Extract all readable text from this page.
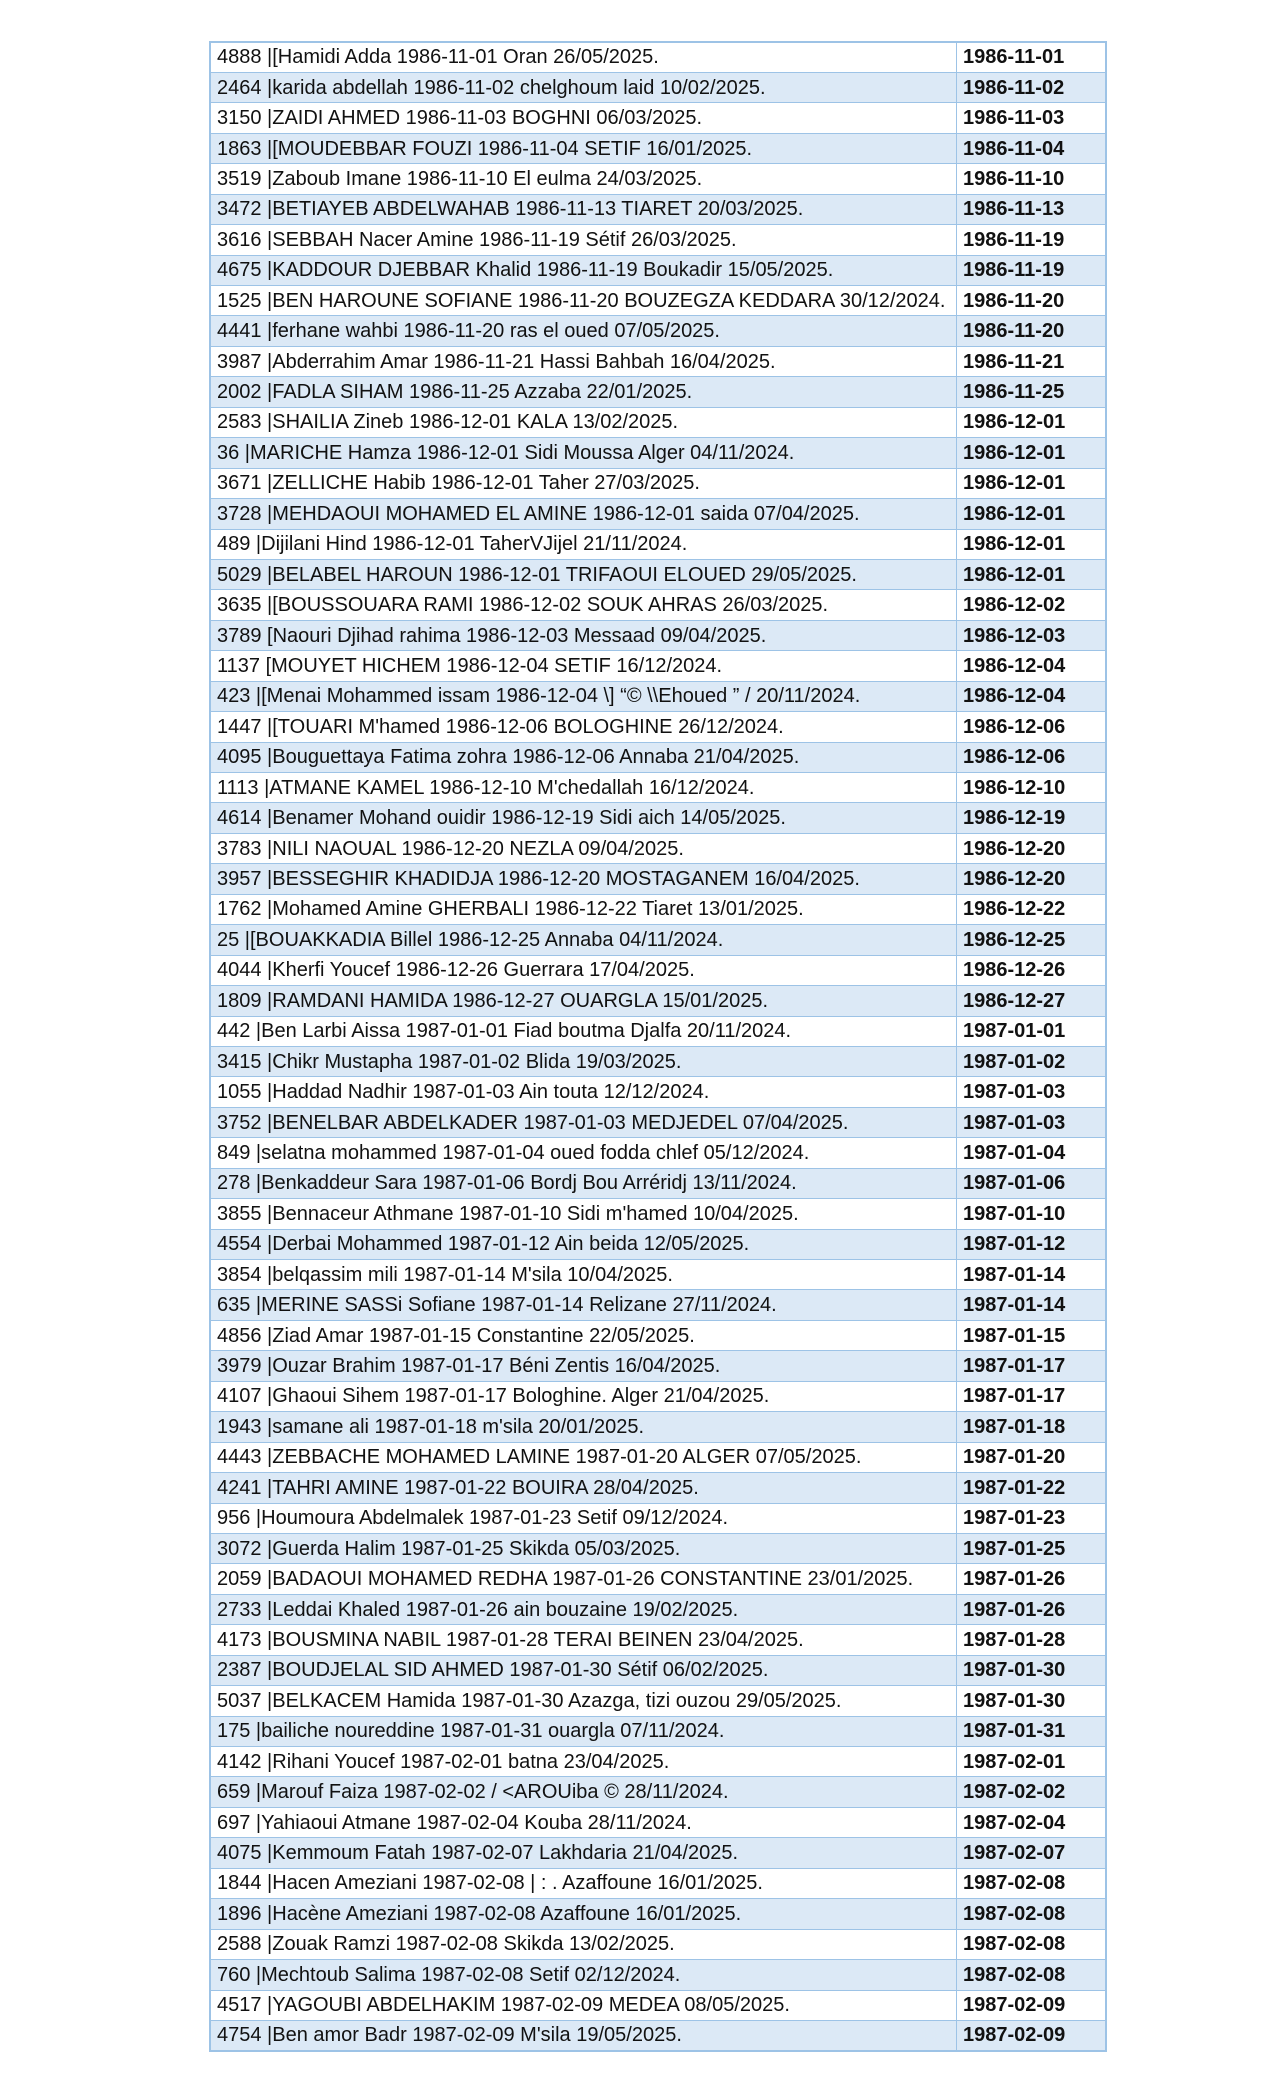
4888 |[Hamidi Adda 1986-11-01 Oran 26/05/2025.	1986-11-01
2464 |karida abdellah 1986-11-02 chelghoum laid 10/02/2025.	1986-11-02
3150 |ZAIDI AHMED 1986-11-03 BOGHNI 06/03/2025.	1986-11-03
1863 |[MOUDEBBAR FOUZI 1986-11-04 SETIF 16/01/2025.	1986-11-04
3519 |Zaboub Imane 1986-11-10 El eulma 24/03/2025.	1986-11-10
3472 |BETIAYEB ABDELWAHAB 1986-11-13 TIARET 20/03/2025.	1986-11-13
3616 |SEBBAH Nacer Amine 1986-11-19 Sétif 26/03/2025.	1986-11-19
4675 |KADDOUR DJEBBAR Khalid 1986-11-19 Boukadir 15/05/2025.	1986-11-19
1525 |BEN HAROUNE SOFIANE 1986-11-20 BOUZEGZA KEDDARA 30/12/2024.	1986-11-20
4441 |ferhane wahbi 1986-11-20 ras el oued 07/05/2025.	1986-11-20
3987 |Abderrahim Amar 1986-11-21 Hassi Bahbah 16/04/2025.	1986-11-21
2002 |FADLA SIHAM 1986-11-25 Azzaba 22/01/2025.	1986-11-25
2583 |SHAILIA Zineb 1986-12-01 KALA 13/02/2025.	1986-12-01
36 |MARICHE Hamza 1986-12-01 Sidi Moussa Alger 04/11/2024.	1986-12-01
3671 |ZELLICHE Habib 1986-12-01 Taher 27/03/2025.	1986-12-01
3728 |MEHDAOUI MOHAMED EL AMINE 1986-12-01 saida 07/04/2025.	1986-12-01
489 |Dijilani Hind 1986-12-01 TaherVJijel 21/11/2024.	1986-12-01
5029 |BELABEL HAROUN 1986-12-01 TRIFAOUI ELOUED 29/05/2025.	1986-12-01
3635 |[BOUSSOUARA RAMI 1986-12-02 SOUK AHRAS 26/03/2025.	1986-12-02
3789 [Naouri Djihad rahima 1986-12-03 Messaad 09/04/2025.	1986-12-03
1137 [MOUYET HICHEM 1986-12-04 SETIF 16/12/2024.	1986-12-04
423 |[Menai Mohammed issam 1986-12-04 \] “© \\Ehoued ” / 20/11/2024.	1986-12-04
1447 |[TOUARI M'hamed 1986-12-06 BOLOGHINE 26/12/2024.	1986-12-06
4095 |Bouguettaya Fatima zohra 1986-12-06 Annaba 21/04/2025.	1986-12-06
1113 |ATMANE KAMEL 1986-12-10 M'chedallah 16/12/2024.	1986-12-10
4614 |Benamer Mohand ouidir 1986-12-19 Sidi aich 14/05/2025.	1986-12-19
3783 |NILI NAOUAL 1986-12-20 NEZLA 09/04/2025.	1986-12-20
3957 |BESSEGHIR KHADIDJA 1986-12-20 MOSTAGANEM 16/04/2025.	1986-12-20
1762 |Mohamed Amine GHERBALI 1986-12-22 Tiaret 13/01/2025.	1986-12-22
25 |[BOUAKKADIA Billel 1986-12-25 Annaba 04/11/2024.	1986-12-25
4044 |Kherfi Youcef 1986-12-26 Guerrara 17/04/2025.	1986-12-26
1809 |RAMDANI HAMIDA 1986-12-27 OUARGLA 15/01/2025.	1986-12-27
442 |Ben Larbi Aissa 1987-01-01 Fiad boutma Djalfa 20/11/2024.	1987-01-01
3415 |Chikr Mustapha 1987-01-02 Blida 19/03/2025.	1987-01-02
1055 |Haddad Nadhir 1987-01-03 Ain touta 12/12/2024.	1987-01-03
3752 |BENELBAR ABDELKADER 1987-01-03 MEDJEDEL 07/04/2025.	1987-01-03
849 |selatna mohammed 1987-01-04 oued fodda chlef 05/12/2024.	1987-01-04
278 |Benkaddeur Sara 1987-01-06 Bordj Bou Arréridj 13/11/2024.	1987-01-06
3855 |Bennaceur Athmane 1987-01-10 Sidi m'hamed 10/04/2025.	1987-01-10
4554 |Derbai Mohammed 1987-01-12 Ain beida 12/05/2025.	1987-01-12
3854 |belqassim mili 1987-01-14 M'sila 10/04/2025.	1987-01-14
635 |MERINE SASSi Sofiane 1987-01-14 Relizane 27/11/2024.	1987-01-14
4856 |Ziad Amar 1987-01-15 Constantine 22/05/2025.	1987-01-15
3979 |Ouzar Brahim 1987-01-17 Béni Zentis 16/04/2025.	1987-01-17
4107 |Ghaoui Sihem 1987-01-17 Bologhine. Alger 21/04/2025.	1987-01-17
1943 |samane ali 1987-01-18 m'sila 20/01/2025.	1987-01-18
4443 |ZEBBACHE MOHAMED LAMINE 1987-01-20 ALGER 07/05/2025.	1987-01-20
4241 |TAHRI AMINE 1987-01-22 BOUIRA 28/04/2025.	1987-01-22
956 |Houmoura Abdelmalek 1987-01-23 Setif 09/12/2024.	1987-01-23
3072 |Guerda Halim 1987-01-25 Skikda 05/03/2025.	1987-01-25
2059 |BADAOUI MOHAMED REDHA 1987-01-26 CONSTANTINE 23/01/2025.	1987-01-26
2733 |Leddai Khaled 1987-01-26 ain bouzaine 19/02/2025.	1987-01-26
4173 |BOUSMINA NABIL 1987-01-28 TERAI BEINEN 23/04/2025.	1987-01-28
2387 |BOUDJELAL SID AHMED 1987-01-30 Sétif 06/02/2025.	1987-01-30
5037 |BELKACEM Hamida 1987-01-30 Azazga, tizi ouzou 29/05/2025.	1987-01-30
175 |bailiche noureddine 1987-01-31 ouargla 07/11/2024.	1987-01-31
4142 |Rihani Youcef 1987-02-01 batna 23/04/2025.	1987-02-01
659 |Marouf Faiza 1987-02-02 / <AROUiba © 28/11/2024.	1987-02-02
697 |Yahiaoui Atmane 1987-02-04 Kouba 28/11/2024.	1987-02-04
4075 |Kemmoum Fatah 1987-02-07 Lakhdaria 21/04/2025.	1987-02-07
1844 |Hacen Ameziani 1987-02-08 | : . Azaffoune 16/01/2025.	1987-02-08
1896 |Hacène Ameziani 1987-02-08 Azaffoune 16/01/2025.	1987-02-08
2588 |Zouak Ramzi 1987-02-08 Skikda 13/02/2025.	1987-02-08
760 |Mechtoub Salima 1987-02-08 Setif 02/12/2024.	1987-02-08
4517 |YAGOUBI ABDELHAKIM 1987-02-09 MEDEA 08/05/2025.	1987-02-09
4754 |Ben amor Badr 1987-02-09 M'sila 19/05/2025.	1987-02-09
